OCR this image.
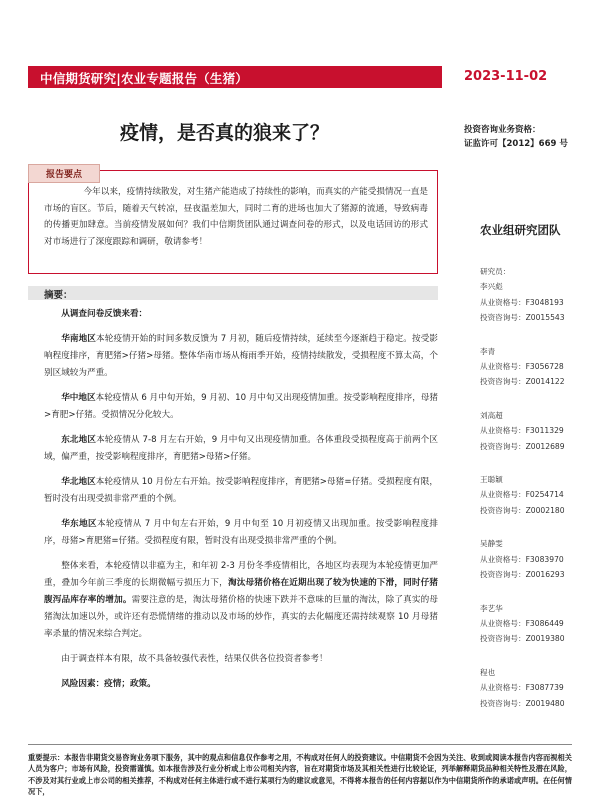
中信期货研究|农业专题报告（生猪）	2023-11-02
疫情，是否真的狼来了？	投资咨询业务资格：
证监许可【2012】669 号
报告要点
今年以来，疫情持续散发，对生猪产能造成了持续性的影响，而真实的产能受损情况一直是市场的盲区。节后，随着天气转凉，昼夜温差加大，同时二育的进场也加大了猪源的流通，导致病毒的传播更加肆意。当前疫情发展如何？我们中信期货团队通过调查问卷的形式，以及电话回访的形式对市场进行了深度跟踪和调研，敬请参考！
农业组研究团队
研究员：
李兴彪
从业资格号：F3048193
投资咨询号：Z0015543
李青
从业资格号：F3056728
投资咨询号：Z0014122
刘高超
从业资格号：F3011329
投资咨询号：Z0012689
王聪颖
从业资格号：F0254714
投资咨询号：Z0002180
吴静雯
从业资格号：F3083970
投资咨询号：Z0016293
李艺华
从业资格号：F3086449
投资咨询号：Z0019380
程也
从业资格号：F3087739
投资咨询号：Z0019480
摘要：

从调查问卷反馈来看：

华南地区本轮疫情开始的时间多数反馈为 7 月初，随后疫情持续，延续至今逐渐趋于稳定。按受影响程度排序，育肥猪>仔猪>母猪。整体华南市场从梅雨季开始，疫情持续散发，受损程度不算太高，个别区域较为严重。

华中地区本轮疫情从 6 月中旬开始，9 月初、10 月中旬又出现疫情加重。按受影响程度排序，母猪>育肥>仔猪。受损情况分化较大。

东北地区本轮疫情从 7-8 月左右开始，9 月中旬又出现疫情加重。各体重段受损程度高于前两个区域，偏严重，按受影响程度排序，育肥猪>母猪>仔猪。

华北地区本轮疫情从 10 月份左右开始。按受影响程度排序，育肥猪>母猪=仔猪。受损程度有限，暂时没有出现受损非常严重的个例。

华东地区本轮疫情从 7 月中旬左右开始，9 月中旬至 10 月初疫情又出现加重。按受影响程度排序，母猪>育肥猪=仔猪。受损程度有限，暂时没有出现受损非常严重的个例。

整体来看，本轮疫情以非瘟为主，和年初 2-3 月份冬季疫情相比，各地区均表现为本轮疫情更加严重，叠加今年前三季度的长期微幅亏损压力下，淘汰母猪价格在近期出现了较为快速的下滑，同时仔猪腹泻品库存率的增加。需要注意的是，淘汰母猪价格的快速下跌并不意味的巨量的淘汰，除了真实的母猪淘汰加速以外，或许还有恐慌情绪的推动以及市场的炒作，真实的去化幅度还需持续观察 10 月母猪率杀量的情况来综合判定。

由于调查样本有限，故不具备较强代表性，结果仅供各位投资者参考！

风险因素：疫情；政策。

重要提示：本报告非期货交易咨询业务项下服务，其中的观点和信息仅作参考之用，不构成对任何人的投资建议。中信期货不会因为关注、收到或阅读本报告内容而视相关人员为客户；市场有风险，投资需谨慎。如本报告涉及行业分析或上市公司相关内容，旨在对期货市场及其相关性进行比较论证，列举解释期货品种相关特性及潜在风险，不涉及对其行业或上市公司的相关推荐，不构成对任何主体进行或不进行某项行为的建议或意见，不得将本报告的任何内容据以作为中信期货所作的承诺或声明。在任何情况下，
